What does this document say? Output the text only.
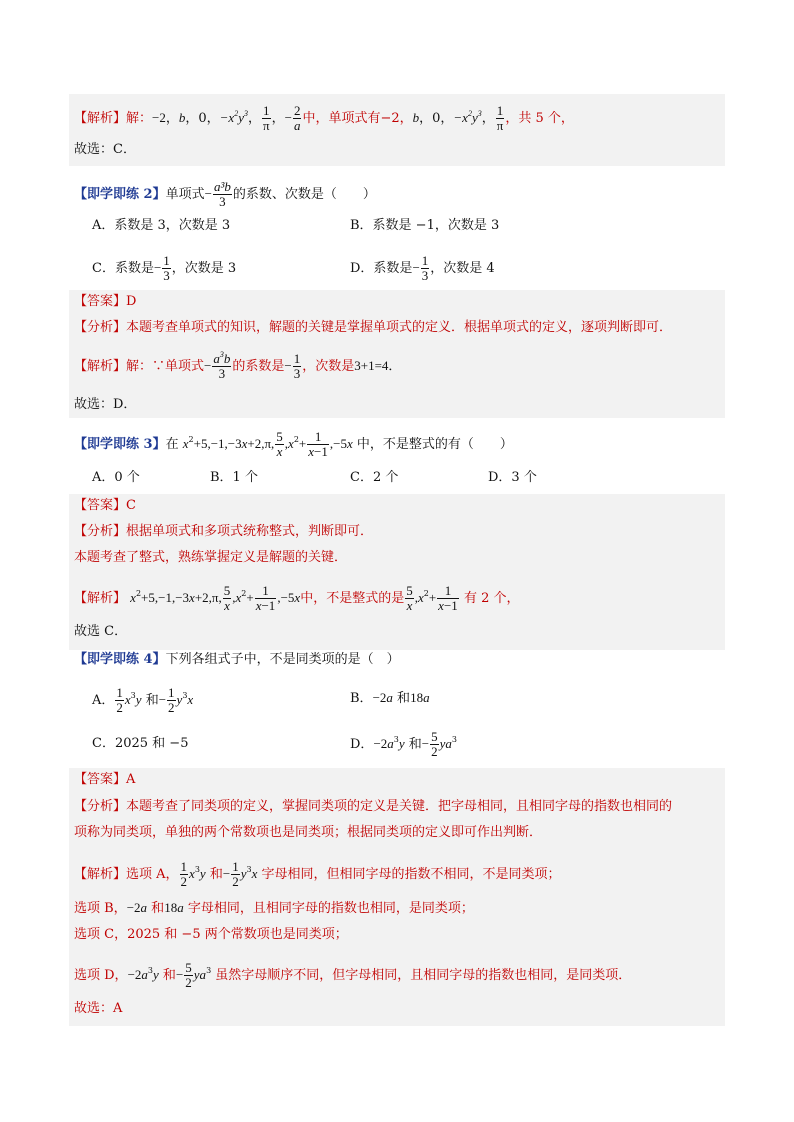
【解析】解：−2，b，0，$-x^2y^3$， $\frac{1}{\pi}$ ，− $\frac{2}{a}$ 中，单项式有−2，b，0，$-x^2y^3$， $\frac{1}{\pi}$ ，共 5 个，
故选：C．
【即学即练 2】单项式− $\frac{\text{a³b}}{3}$ 的系数、次数是（　　）
A．系数是 3，次数是 3	B．系数是 −1，次数是 3
C．系数是− $\frac{1}{3}$ ，次数是 3	D．系数是− $\frac{1}{3}$ ，次数是 4
【答案】D
【分析】本题考查单项式的知识，解题的关键是掌握单项式的定义．根据单项式的定义，逐项判断即可．
【解析】解：∵单项式− $\frac{a^3b}{3}$ 的系数是− $\frac{1}{3}$ ，次数是3+1=4．
故选：D．
【即学即练 3】在 $x^2+5,-1,-3x+2,\pi$, $\frac{5}{x} ,x^2+ \frac{1}{x-1} ,-5x$ 中，不是整式的有（　　）
A．0 个	B．1 个	C．2 个	D．3 个
【答案】C
【分析】根据单项式和多项式统称整式，判断即可．
本题考查了整式，熟练掌握定义是解题的关键．
【解析】 $x^2+5,-1,-3x+2,\pi$, $\frac{5}{x} ,x^2+ \frac{1}{x-1} ,-5x$中，不是整式的是 $\frac{5}{x} ,x^2+ \frac{1}{x-1}$ 有 2 个，
故选 C．
【即学即练 4】下列各组式子中，不是同类项的是（　）
A． $\frac{1}{2} x^3y$ 和− $\frac{1}{2} y^3x$	B．−2a 和18a
C．2025 和 −5	D．$-2a^3y$ 和− $\frac{5}{2} ya^3$
【答案】A
【分析】本题考查了同类项的定义，掌握同类项的定义是关键．把字母相同，且相同字母的指数也相同的
项称为同类项，单独的两个常数项也是同类项；根据同类项的定义即可作出判断．
【解析】选项 A， $\frac{1}{2} x^3y$ 和− $\frac{1}{2} y^3x$ 字母相同，但相同字母的指数不相同，不是同类项；
选项 B，−2a 和18a 字母相同，且相同字母的指数也相同，是同类项；
选项 C，2025 和 −5 两个常数项也是同类项；
选项 D，$-2a^3y$ 和− $\frac{5}{2} ya^3$ 虽然字母顺序不同，但字母相同，且相同字母的指数也相同，是同类项．
故选：A
